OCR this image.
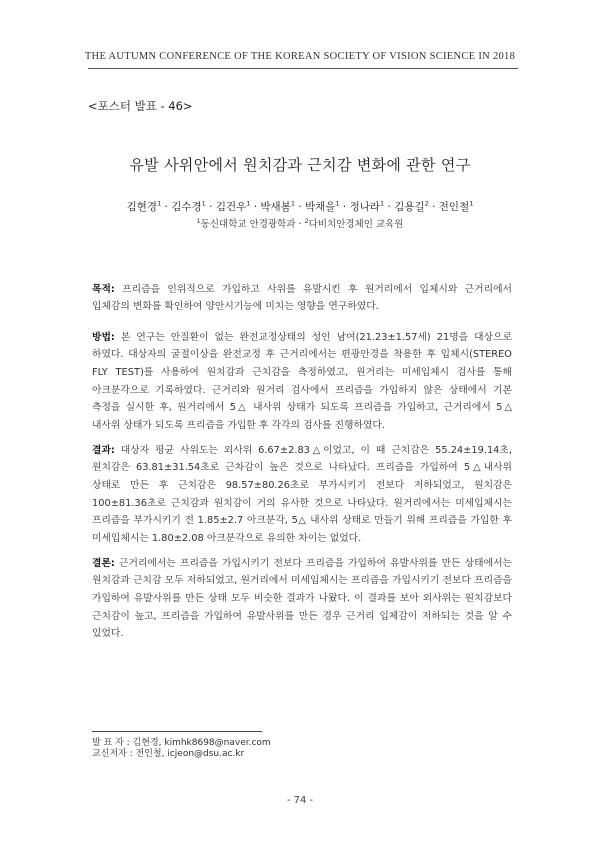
THE AUTUMN CONFERENCE OF THE KOREAN SOCIETY OF VISION SCIENCE IN 2018
<포스터 발표 - 46>
유발 사위안에서 원치감과 근치감 변화에 관한 연구
김현경$^1$ · 김수경$^1$ · 김건우$^1$ · 박새봄$^1$ · 박채을$^1$ · 정나라$^1$ · 김용길$^2$ · 전인철$^1$
$^1$동신대학교 안경광학과 · $^2$다비치안경체인 교육원

목적: 프리즘을 인위적으로 가입하고 사위를 유발시킨 후 원거리에서 입체시와 근거리에서 입체감의 변화를 확인하여 양안시기능에 미치는 영향을 연구하였다.

방법: 본 연구는 안질환이 없는 완전교정상태의 성인 남여(21.23±1.57세) 21명을 대상으로 하였다. 대상자의 굴절이상을 완전교정 후 근거리에서는 편광안경을 착용한 후 입체시(STEREO FLY TEST)를 사용하여 원치감과 근치감을 측정하였고, 원거리는 미세입체시 검사를 통해 아크분각으로 기록하였다. 근거리와 원거리 검사에서 프리즘을 가입하지 않은 상태에서 기본 측정을 실시한 후, 원거리에서 5△ 내사위 상태가 되도록 프리즘을 가입하고, 근거리에서 5△ 내사위 상태가 되도록 프리즘을 가입한 후 각각의 검사를 진행하였다.

결과: 대상자 평균 사위도는 외사위 6.67±2.83△이었고, 이 때 근치감은 55.24±19.14초, 원치감은 63.81±31.54초로 근차감이 높은 것으로 나타났다. 프리즘을 가입하여 5△내사위 상태로 만든 후 근치감은 98.57±80.26초로 부가시키기 전보다 저하되었고, 원치감은 100±81.36초로 근치감과 원치감이 거의 유사한 것으로 나타났다. 원거리에서는 미세입체시는 프리즘을 부가시키기 전 1.85±2.7 아크분각, 5△ 내사위 상태로 만들기 위해 프리즘을 가입한 후 미세입체시는 1.80±2.08 아크분각으로 유의한 차이는 없었다.

결론: 근거리에서는 프리즘을 가입시키기 전보다 프리즘을 가입하여 유발사위를 만든 상태에서는 원치감과 근치감 모두 저하되었고, 원거리에서 미세입체시는 프리즘을 가입시키기 전보다 프리즘을 가입하여 유발사위를 만든 상태 모두 비슷한 결과가 나왔다. 이 결과를 보아 외사위는 원치감보다 근치감이 높고, 프리즘을 가입하여 유발사위를 만든 경우 근거리 입체감이 저하되는 것을 알 수 있었다.

발 표 자 : 김현경, kimhk8698@naver.com
교신저자 : 전인철, icjeon@dsu.ac.kr
- 74 -
